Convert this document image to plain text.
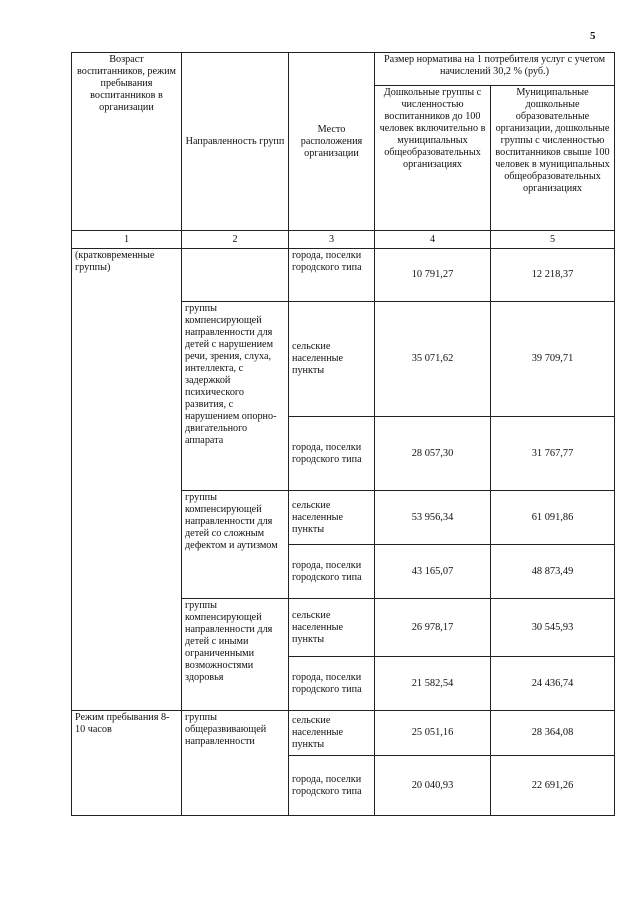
5
Возраст воспитанников, режим пребывания воспитанников в организации	Направленность групп	Место расположения организации	Размер норматива на 1 потребителя услуг с учетом начислений 30,2 % (руб.)	
			Дошкольные группы с численностью воспитанников до 100 человек включительно в муниципальных общеобразовательных организациях	Муниципальные дошкольные образовательные организации, дошкольные группы с численностью воспитанников свыше 100 человек в муниципальных общеобразовательных организациях
1	2	3	4	5
(кратковременные группы)		города, поселки городского типа	10 791,27	12 218,37
	группы компенсирующей направленности для детей с нарушением речи, зрения, слуха, интеллекта, с задержкой психического развития, с нарушением опорно-двигательного аппарата	сельские населенные пункты	35 071,62	39 709,71
		города, поселки городского типа	28 057,30	31 767,77
	группы компенсирующей направленности для детей со сложным дефектом и аутизмом	сельские населенные пункты	53 956,34	61 091,86
		города, поселки городского типа	43 165,07	48 873,49
	группы компенсирующей направленности для детей с иными ограниченными возможностями здоровья	сельские населенные пункты	26 978,17	30 545,93
		города, поселки городского типа	21 582,54	24 436,74
Режим пребывания 8-10 часов	группы общеразвивающей направленности	сельские населенные пункты	25 051,16	28 364,08
		города, поселки городского типа	20 040,93	22 691,26
